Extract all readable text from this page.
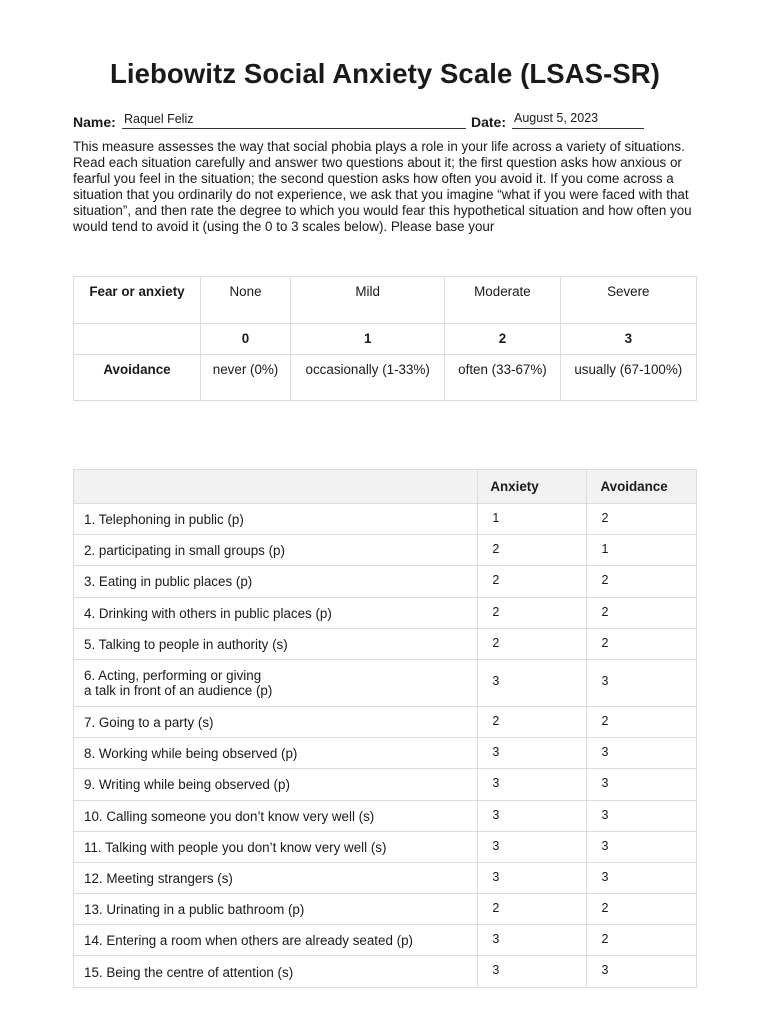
Liebowitz Social Anxiety Scale (LSAS-SR)
Name: Raquel Feliz	Date: August 5, 2023
This measure assesses the way that social phobia plays a role in your life across a variety of situations. Read each situation carefully and answer two questions about it; the first question asks how anxious or fearful you feel in the situation; the second question asks how often you avoid it. If you come across a situation that you ordinarily do not experience, we ask that you imagine “what if you were faced with that situation”, and then rate the degree to which you would fear this hypothetical situation and how often you would tend to avoid it (using the 0 to 3 scales below). Please base your
Fear or anxiety	None	Mild	Moderate	Severe
	0	1	2	3
Avoidance	never (0%)	occasionally (1-33%)	often (33-67%)	usually (67-100%)
	Anxiety	Avoidance
1. Telephoning in public (p)	1	2
2. participating in small groups (p)	2	1
3. Eating in public places (p)	2	2
4. Drinking with others in public places (p)	2	2
5. Talking to people in authority (s)	2	2

6. Acting, performing or giving
a talk in front of an audience (p)	3	3
7. Going to a party (s)	2	2
8. Working while being observed (p)	3	3
9. Writing while being observed (p)	3	3
10. Calling someone you don’t know very well (s)	3	3
11. Talking with people you don’t know very well (s)	3	3
12. Meeting strangers (s)	3	3
13. Urinating in a public bathroom (p)	2	2
14. Entering a room when others are already seated (p)	3	2
15. Being the centre of attention (s)	3	3
